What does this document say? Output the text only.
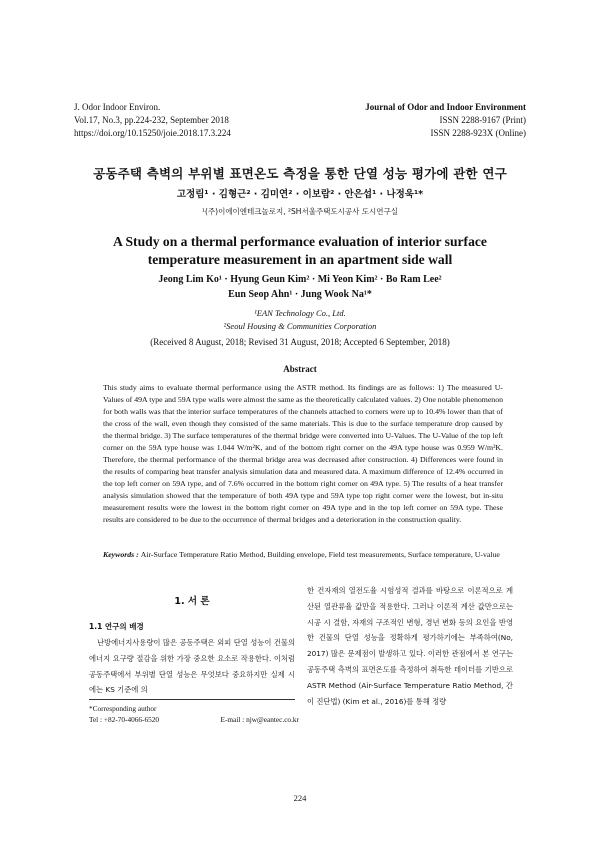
J. Odor Indoor Environ.
Vol.17, No.3, pp.224-232, September 2018
https://doi.org/10.15250/joie.2018.17.3.224
Journal of Odor and Indoor Environment
ISSN 2288-9167 (Print)
ISSN 2288-923X (Online)
공동주택 측벽의 부위별 표면온도 측정을 통한 단열 성능 평가에 관한 연구
고정림¹ · 김형근² · 김미연² · 이보람² · 안은섭¹ · 나정욱¹*
¹(주)이에이엔테크놀로지, ²SH서울주택도시공사 도시연구실
A Study on a thermal performance evaluation of interior surface
temperature measurement in an apartment side wall
Jeong Lim Ko¹ · Hyung Geun Kim² · Mi Yeon Kim² · Bo Ram Lee²
Eun Seop Ahn¹ · Jung Wook Na¹*
¹EAN Technology Co., Ltd.
²Seoul Housing & Communities Corporation
(Received 8 August, 2018; Revised 31 August, 2018; Accepted 6 September, 2018)
Abstract
This study aims to evaluate thermal performance using the ASTR method. Its findings are as follows: 1) The measured U-Values of 49A type and 59A type walls were almost the same as the theoretically calculated values. 2) One notable phenomenon for both walls was that the interior surface temperatures of the channels attached to corners were up to 10.4% lower than that of the cross of the wall, even though they consisted of the same materials. This is due to the surface temperature drop caused by the thermal bridge. 3) The surface temperatures of the thermal bridge were converted into U-Values. The U-Value of the top left corner on the 59A type house was 1.044 W/m²K, and of the bottom right corner on the 49A type house was 0.959 W/m²K. Therefore, the thermal performance of the thermal bridge area was decreased after construction. 4) Differences were found in the results of comparing heat transfer analysis simulation data and measured data. A maximum difference of 12.4% occurred in the top left corner on 59A type, and of 7.6% occurred in the bottom right corner on 49A type. 5) The results of a heat transfer analysis simulation showed that the temperature of both 49A type and 59A type top right corner were the lowest, but in-situ measurement results were the lowest in the bottom right corner on 49A type and in the top left corner on 59A type. These results are considered to be due to the occurrence of thermal bridges and a deterioration in the construction quality.
Keywords :
Air-Surface Temperature Ratio Method, Building envelope, Field test measurements, Surface temperature, U-value
1. 서 론
1.1 연구의 배경

난방에너지사용량이 많은 공동주택은 외피 단열 성능이 건물의 에너지 요구량 절감을 위한 가장 중요한 요소로 작용한다. 이처럼 공동주택에서 부위별 단열 성능은 무엇보다 중요하지만 실제 시에는 KS 기준에 의

한 건자재의 열전도율 시험성적 결과를 바탕으로 이론적으로 계산된 열관류율 값만을 적용한다. 그러나 이론적 계산 값만으로는 시공 시 결함, 자재의 구조적인 변형, 경년 변화 등의 요인을 반영한 건물의 단열 성능을 정확하게 평가하기에는 부족하여(No, 2017) 많은 문제점이 발생하고 있다. 이러한 관점에서 본 연구는 공동주택 측벽의 표면온도를 측정하여 취득한 데이터를 기반으로 ASTR Method (Air-Surface Temperature Ratio Method, 간이 진단법) (Kim et al., 2016)를 통해 정량

*Corresponding author
Tel : +82-70-4066-6520	E-mail : njw@eantec.co.kr
224
